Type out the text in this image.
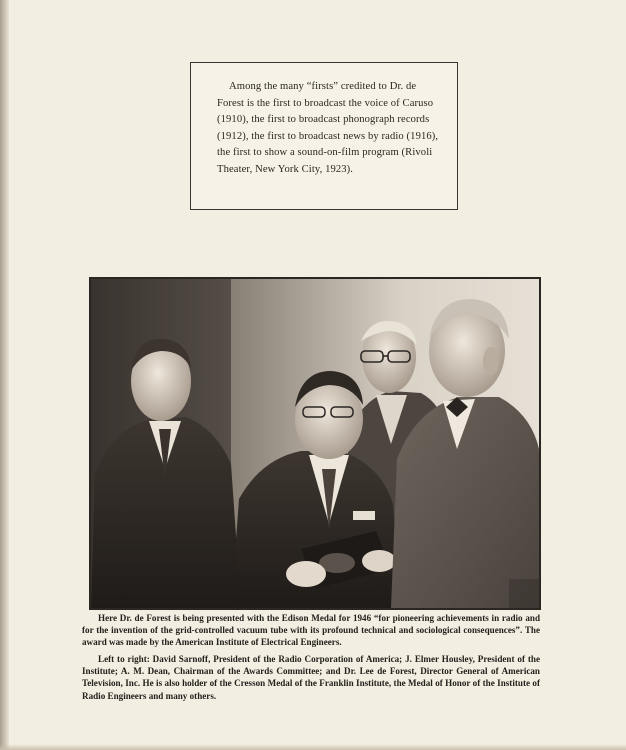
Among the many “firsts” credited to Dr. de Forest is the first to broadcast the voice of Caruso (1910), the first to broadcast phonograph records (1912), the first to broadcast news by radio (1916), the first to show a sound-on-film program (Rivoli Theater, New York City, 1923).

Here Dr. de Forest is being presented with the Edison Medal for 1946 “for pioneering achievements in radio and for the invention of the grid-controlled vacuum tube with its profound technical and sociological consequences”. The award was made by the American Institute of Electrical Engineers.

Left to right: David Sarnoff, President of the Radio Corporation of America; J. Elmer Housley, President of the Institute; A. M. Dean, Chairman of the Awards Committee; and Dr. Lee de Forest, Director General of American Television, Inc. He is also holder of the Cresson Medal of the Franklin Institute, the Medal of Honor of the Institute of Radio Engineers and many others.
